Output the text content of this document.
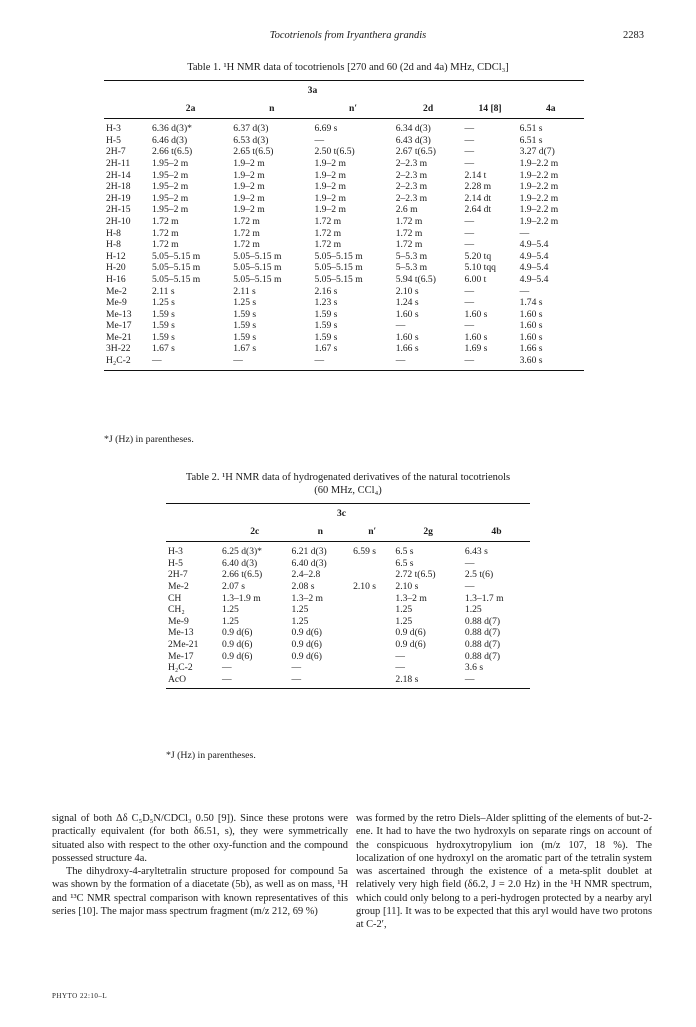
Tocotrienols from Iryanthera grandis	2283
Table 1. ¹H NMR data of tocotrienols [270 and 60 (2d and 4a) MHz, CDCl₃]
		3a				
	2a	n	n′	2d	14 [8]	4a
H-3	6.36 d(3)*	6.37 d(3)	6.69 s	6.34 d(3)	—	6.51 s
H-5	6.46 d(3)	6.53 d(3)	—	6.43 d(3)	—	6.51 s
2H-7	2.66 t(6.5)	2.65 t(6.5)	2.50 t(6.5)	2.67 t(6.5)	—	3.27 d(7)
2H-11	1.95–2 m	1.9–2 m	1.9–2 m	2–2.3 m	—	1.9–2.2 m
2H-14	1.95–2 m	1.9–2 m	1.9–2 m	2–2.3 m	2.14 t	1.9–2.2 m
2H-18	1.95–2 m	1.9–2 m	1.9–2 m	2–2.3 m	2.28 m	1.9–2.2 m
2H-19	1.95–2 m	1.9–2 m	1.9–2 m	2–2.3 m	2.14 dt	1.9–2.2 m
2H-15	1.95–2 m	1.9–2 m	1.9–2 m	2.6 m	2.64 dt	1.9–2.2 m
2H-10	1.72 m	1.72 m	1.72 m	1.72 m	—	1.9–2.2 m
H-8	1.72 m	1.72 m	1.72 m	1.72 m	—	—
H-8	1.72 m	1.72 m	1.72 m	1.72 m	—	4.9–5.4
H-12	5.05–5.15 m	5.05–5.15 m	5.05–5.15 m	5–5.3 m	5.20 tq	4.9–5.4
H-20	5.05–5.15 m	5.05–5.15 m	5.05–5.15 m	5–5.3 m	5.10 tqq	4.9–5.4
H-16	5.05–5.15 m	5.05–5.15 m	5.05–5.15 m	5.94 t(6.5)	6.00 t	4.9–5.4
Me-2	2.11 s	2.11 s	2.16 s	2.10 s	—	—
Me-9	1.25 s	1.25 s	1.23 s	1.24 s	—	1.74 s
Me-13	1.59 s	1.59 s	1.59 s	1.60 s	1.60 s	1.60 s
Me-17	1.59 s	1.59 s	1.59 s	—	—	1.60 s
Me-21	1.59 s	1.59 s	1.59 s	1.60 s	1.60 s	1.60 s
3H-22	1.67 s	1.67 s	1.67 s	1.66 s	1.69 s	1.66 s
H₂C-2	—	—	—	—	—	3.60 s
*J (Hz) in parentheses.
Table 2. ¹H NMR data of hydrogenated derivatives of the natural tocotrienols
(60 MHz, CCl₄)
		3c			
	2c	n	n′	2g	4b
H-3	6.25 d(3)*	6.21 d(3)	6.59 s	6.5 s	6.43 s
H-5	6.40 d(3)	6.40 d(3)		6.5 s	—
2H-7	2.66 t(6.5)	2.4–2.8		2.72 t(6.5)	2.5 t(6)
Me-2	2.07 s	2.08 s	2.10 s	2.10 s	—
CH	1.3–1.9 m	1.3–2 m		1.3–2 m	1.3–1.7 m
CH₂	1.25	1.25		1.25	1.25
Me-9	1.25	1.25		1.25	0.88 d(7)
Me-13	0.9 d(6)	0.9 d(6)		0.9 d(6)	0.88 d(7)
2Me-21	0.9 d(6)	0.9 d(6)		0.9 d(6)	0.88 d(7)
Me-17	0.9 d(6)	0.9 d(6)		—	0.88 d(7)
H₂C-2	—	—		—	3.6 s
AcO	—	—		2.18 s	—
*J (Hz) in parentheses.

signal of both Δδ C₅D₅N/CDCl₃ 0.50 [9]). Since these protons were practically equivalent (for both δ6.51, s), they were symmetrically situated also with respect to the other oxy-function and the compound possessed structure 4a.

The dihydroxy-4-aryltetralin structure proposed for compound 5a was shown by the formation of a diacetate (5b), as well as on mass, ¹H and ¹³C NMR spectral comparison with known representatives of this series [10]. The major mass spectrum fragment (m/z 212, 69 %)

was formed by the retro Diels–Alder splitting of the elements of but-2-ene. It had to have the two hydroxyls on separate rings on account of the conspicuous hydroxytropylium ion (m/z 107, 18 %). The localization of one hydroxyl on the aromatic part of the tetralin system was ascertained through the existence of a meta-split doublet at relatively very high field (δ6.2, J = 2.0 Hz) in the ¹H NMR spectrum, which could only belong to a peri-hydrogen protected by a nearby aryl group [11]. It was to be expected that this aryl would have two protons at C-2′,

PHYTO 22:10–L
